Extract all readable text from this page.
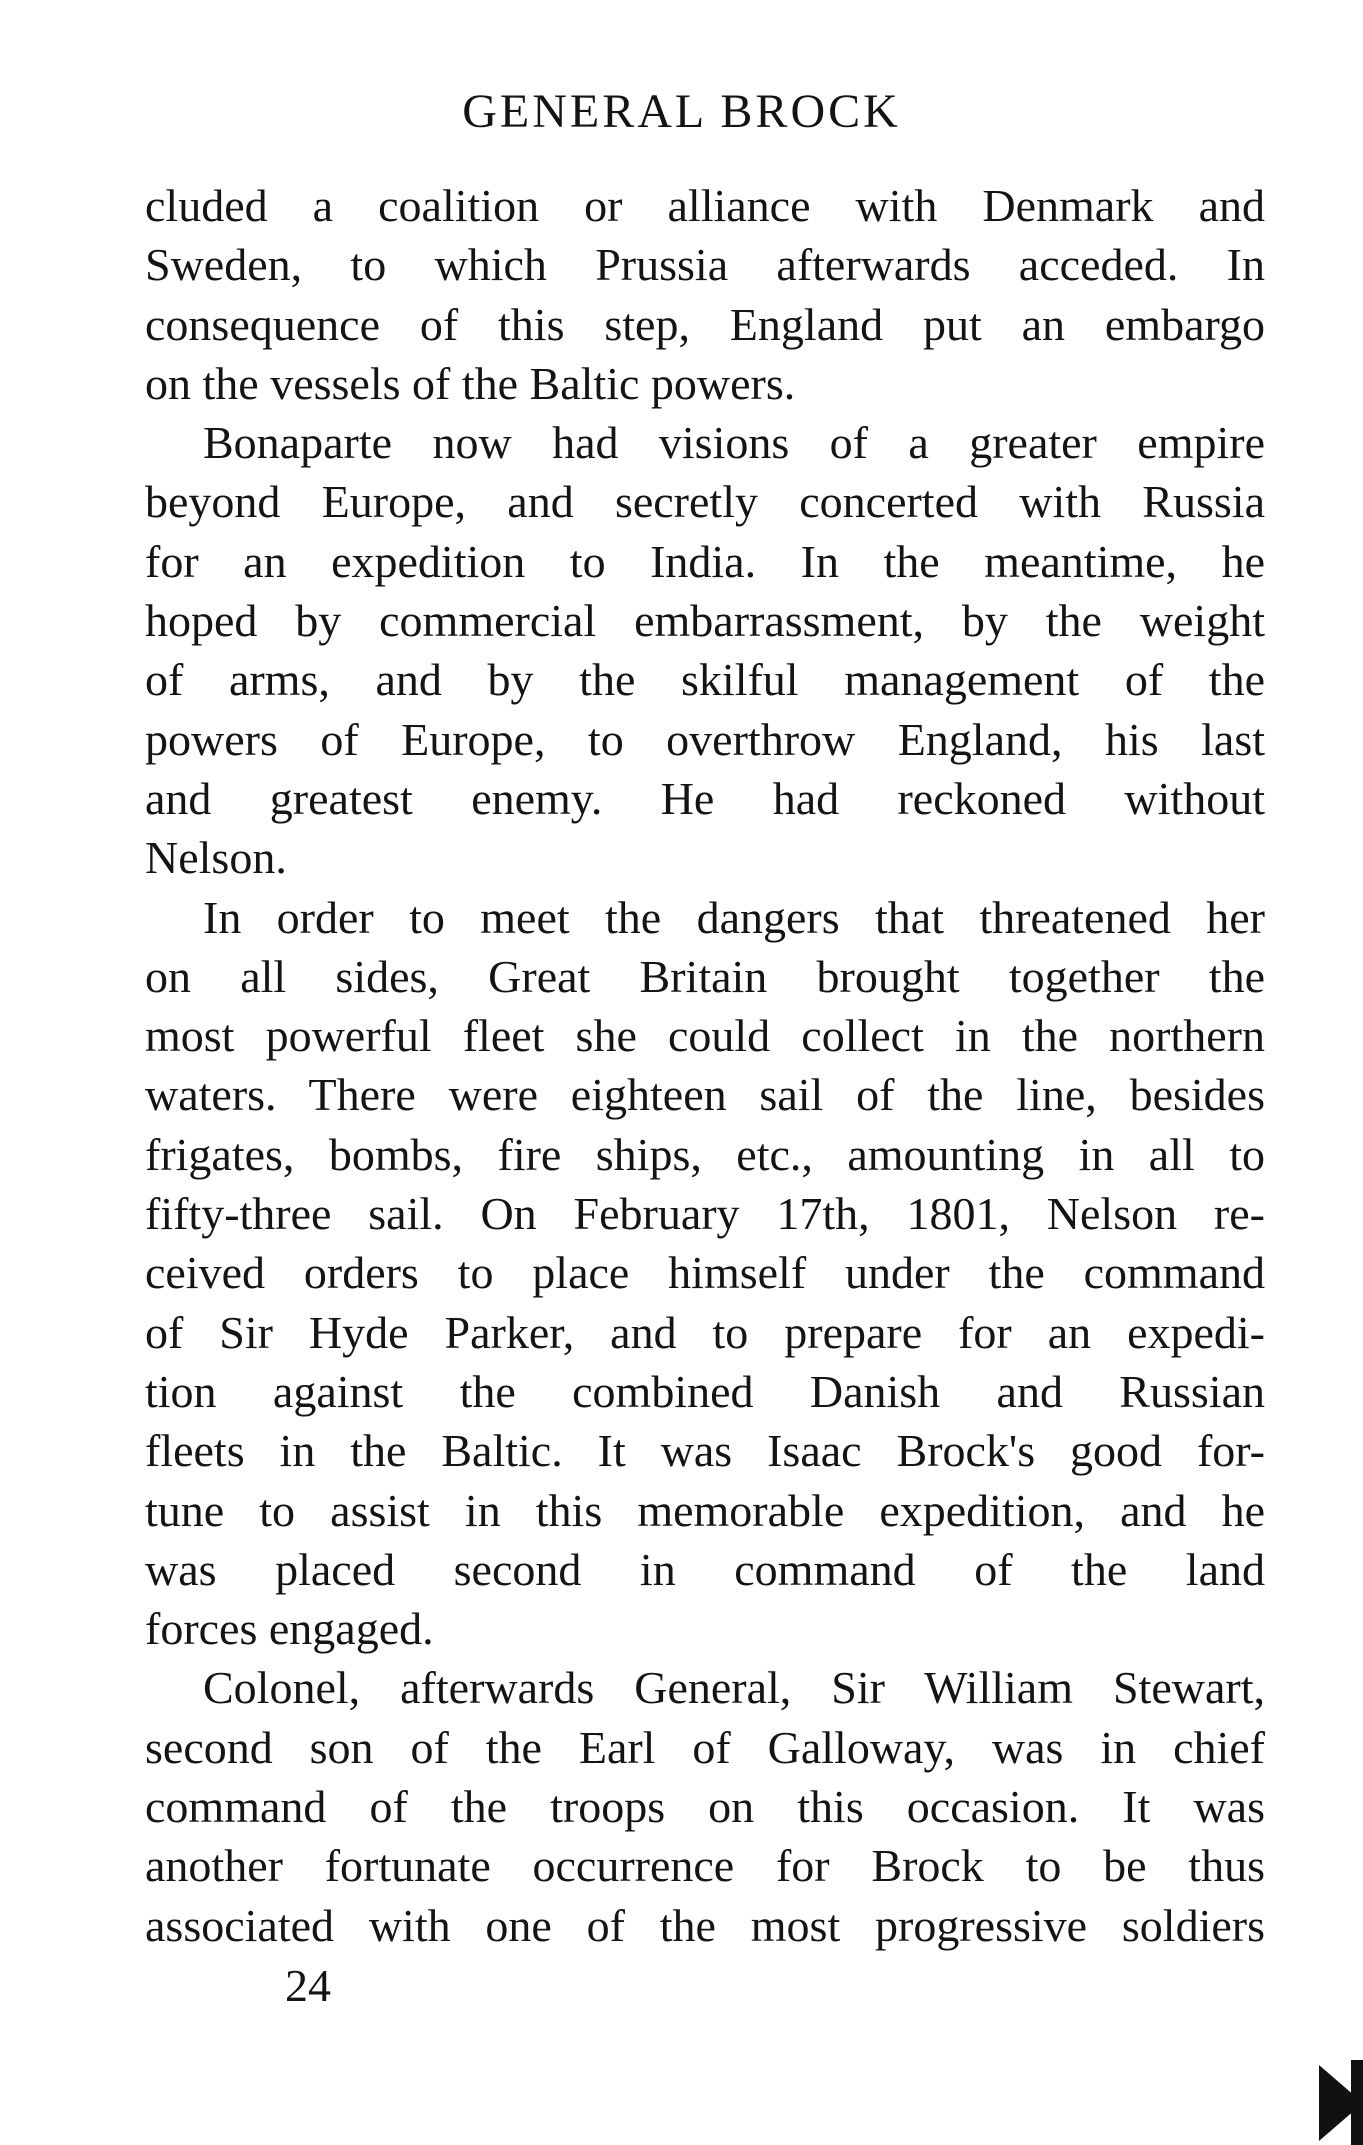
GENERAL BROCK
cluded a coalition or alliance with Denmark and
Sweden, to which Prussia afterwards acceded. In
consequence of this step, England put an embargo
on the vessels of the Baltic powers.
Bonaparte now had visions of a greater empire
beyond Europe, and secretly concerted with Russia
for an expedition to India. In the meantime, he
hoped by commercial embarrassment, by the weight
of arms, and by the skilful management of the
powers of Europe, to overthrow England, his last
and greatest enemy. He had reckoned without
Nelson.
In order to meet the dangers that threatened her
on all sides, Great Britain brought together the
most powerful fleet she could collect in the northern
waters. There were eighteen sail of the line, besides
frigates, bombs, fire ships, etc., amounting in all to
fifty-three sail. On February 17th, 1801, Nelson re-
ceived orders to place himself under the command
of Sir Hyde Parker, and to prepare for an expedi-
tion against the combined Danish and Russian
fleets in the Baltic. It was Isaac Brock's good for-
tune to assist in this memorable expedition, and he
was placed second in command of the land
forces engaged.
Colonel, afterwards General, Sir William Stewart,
second son of the Earl of Galloway, was in chief
command of the troops on this occasion. It was
another fortunate occurrence for Brock to be thus
associated with one of the most progressive soldiers
24
